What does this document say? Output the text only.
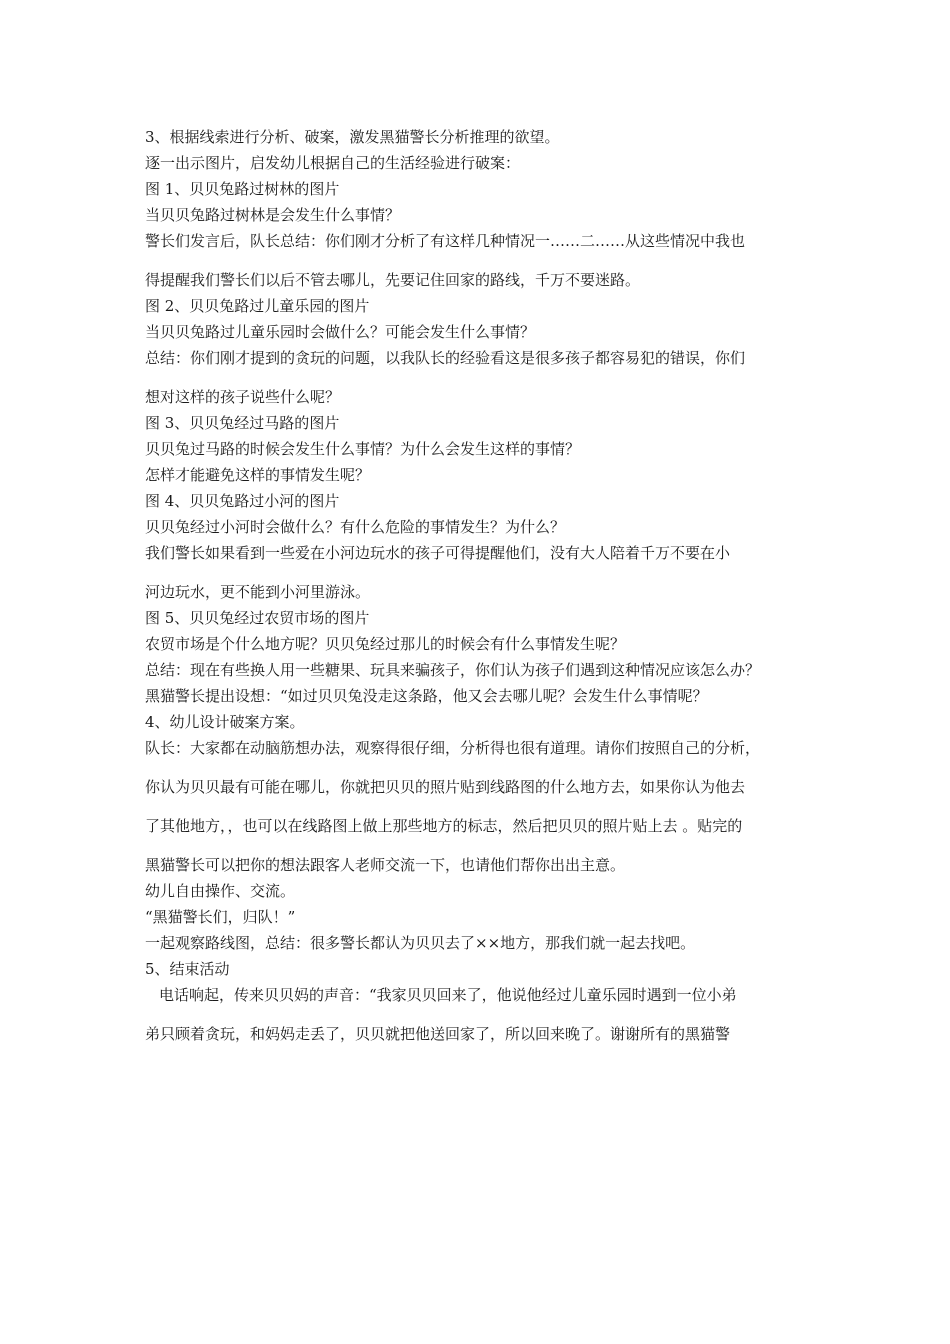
3、根据线索进行分析、破案，激发黑猫警长分析推理的欲望。
逐一出示图片，启发幼儿根据自己的生活经验进行破案：
图 1、贝贝兔路过树林的图片
当贝贝兔路过树林是会发生什么事情？
警长们发言后，队长总结：你们刚才分析了有这样几种情况一……二……从这些情况中我也
得提醒我们警长们以后不管去哪儿，先要记住回家的路线，千万不要迷路。
图 2、贝贝兔路过儿童乐园的图片
当贝贝兔路过儿童乐园时会做什么？可能会发生什么事情？
总结：你们刚才提到的贪玩的问题，以我队长的经验看这是很多孩子都容易犯的错误，你们
想对这样的孩子说些什么呢？
图 3、贝贝兔经过马路的图片
贝贝兔过马路的时候会发生什么事情？为什么会发生这样的事情？
怎样才能避免这样的事情发生呢？
图 4、贝贝兔路过小河的图片
贝贝兔经过小河时会做什么？有什么危险的事情发生？为什么？
我们警长如果看到一些爱在小河边玩水的孩子可得提醒他们，没有大人陪着千万不要在小
河边玩水，更不能到小河里游泳。
图 5、贝贝兔经过农贸市场的图片
农贸市场是个什么地方呢？贝贝兔经过那儿的时候会有什么事情发生呢？
总结：现在有些换人用一些糖果、玩具来骗孩子，你们认为孩子们遇到这种情况应该怎么办？
黑猫警长提出设想：“如过贝贝兔没走这条路，他又会去哪儿呢？会发生什么事情呢？
4、幼儿设计破案方案。
队长：大家都在动脑筋想办法，观察得很仔细，分析得也很有道理。请你们按照自己的分析，
你认为贝贝最有可能在哪儿，你就把贝贝的照片贴到线路图的什么地方去，如果你认为他去
了其他地方，，也可以在线路图上做上那些地方的标志，然后把贝贝的照片贴上去 。贴完的
黑猫警长可以把你的想法跟客人老师交流一下，也请他们帮你出出主意。
幼儿自由操作、交流。
“黑猫警长们，归队！”
一起观察路线图，总结：很多警长都认为贝贝去了××地方，那我们就一起去找吧。
5、结束活动
电话响起，传来贝贝妈的声音：“我家贝贝回来了，他说他经过儿童乐园时遇到一位小弟
弟只顾着贪玩，和妈妈走丢了，贝贝就把他送回家了，所以回来晚了。谢谢所有的黑猫警
